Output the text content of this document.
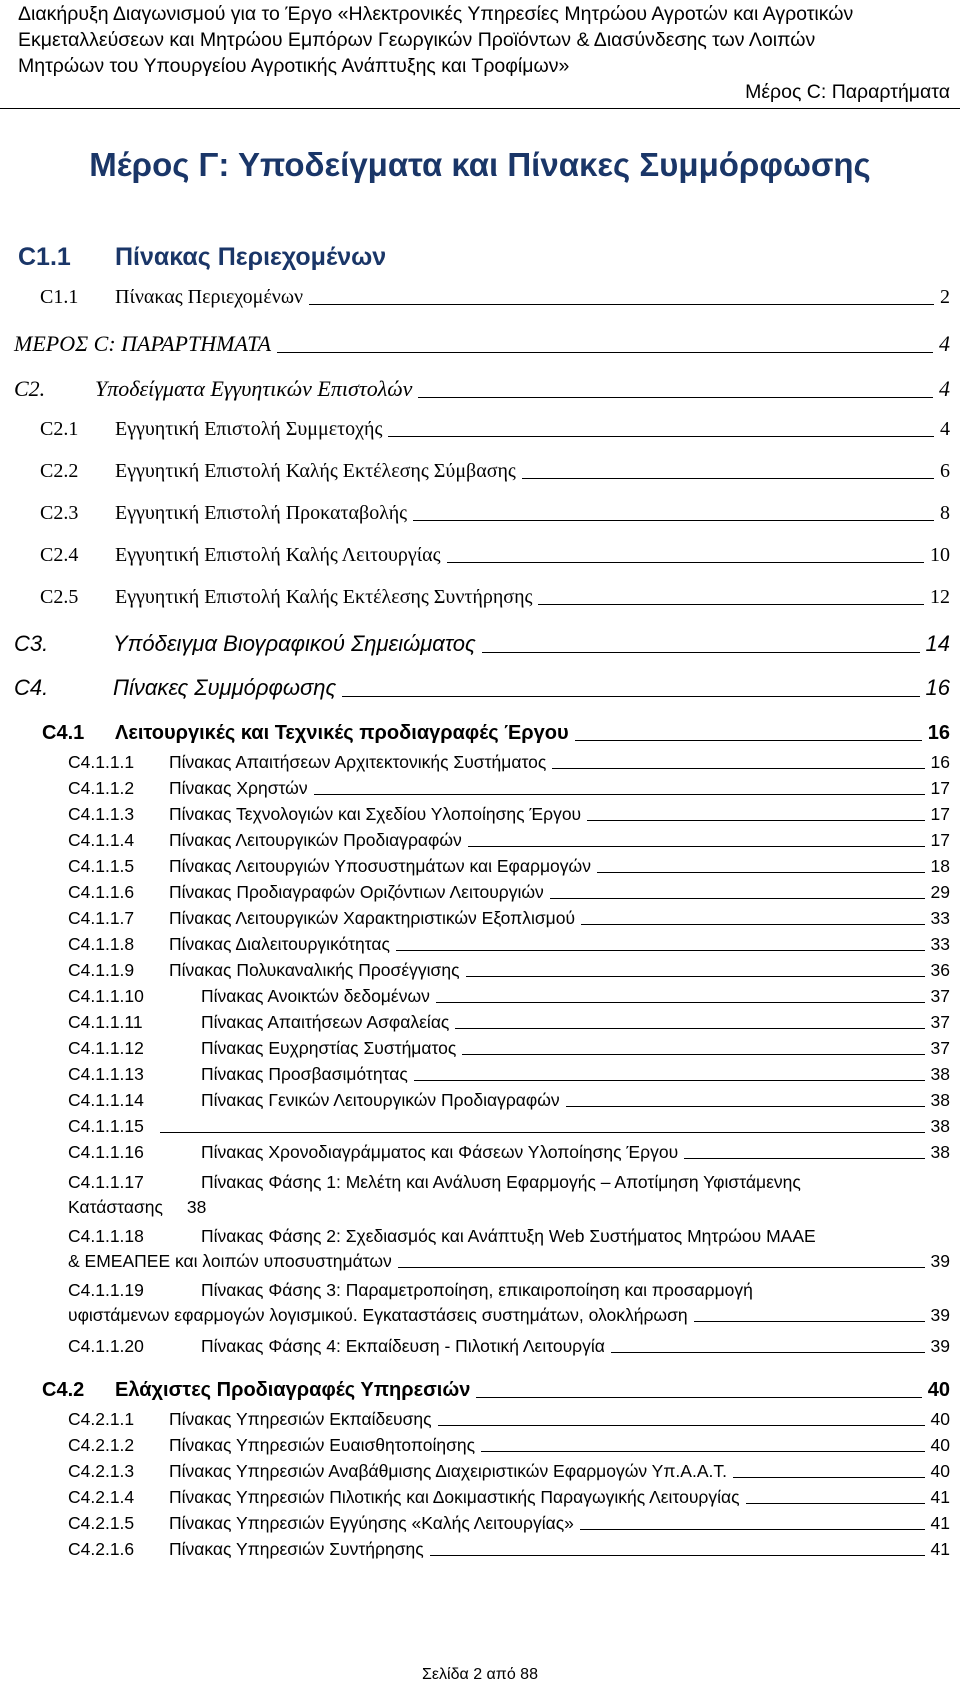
Διακήρυξη Διαγωνισμού για το Έργο «Ηλεκτρονικές Υπηρεσίες Μητρώου Αγροτών και Αγροτικών
Εκμεταλλεύσεων και Μητρώου Εμπόρων Γεωργικών Προϊόντων & Διασύνδεσης των Λοιπών
Μητρώων του Υπουργείου Αγροτικής Ανάπτυξης και Τροφίμων»
Μέρος C: Παραρτήματα
Μέρος Γ: Υποδείγματα και Πίνακες Συμμόρφωσης
C1.1 Πίνακας Περιεχομένων
C1.1	Πίνακας Περιεχομένων	2
ΜΕΡΟΣ C: ΠΑΡΑΡΤΗΜΑΤΑ	4
C2.	Υποδείγματα Εγγυητικών Επιστολών	4
C2.1	Εγγυητική Επιστολή Συμμετοχής	4
C2.2	Εγγυητική Επιστολή Καλής Εκτέλεσης Σύμβασης	6
C2.3	Εγγυητική Επιστολή Προκαταβολής	8
C2.4	Εγγυητική Επιστολή Καλής Λειτουργίας	10
C2.5	Εγγυητική Επιστολή Καλής Εκτέλεσης Συντήρησης	12
C3.	Υπόδειγμα Βιογραφικού Σημειώματος	14
C4.	Πίνακες Συμμόρφωσης	16
C4.1	Λειτουργικές και Τεχνικές προδιαγραφές Έργου	16
C4.1.1.1	Πίνακας Απαιτήσεων Αρχιτεκτονικής Συστήματος	16
C4.1.1.2	Πίνακας Χρηστών	17
C4.1.1.3	Πίνακας Τεχνολογιών και Σχεδίου Υλοποίησης Έργου	17
C4.1.1.4	Πίνακας Λειτουργικών Προδιαγραφών	17
C4.1.1.5	Πίνακας Λειτουργιών Υποσυστημάτων και Εφαρμογών	18
C4.1.1.6	Πίνακας Προδιαγραφών Οριζόντιων Λειτουργιών	29
C4.1.1.7	Πίνακας Λειτουργικών Χαρακτηριστικών Εξοπλισμού	33
C4.1.1.8	Πίνακας Διαλειτουργικότητας	33
C4.1.1.9	Πίνακας Πολυκαναλικής Προσέγγισης	36
C4.1.1.10	Πίνακας Ανοικτών δεδομένων	37
C4.1.1.11	Πίνακας Απαιτήσεων Ασφαλείας	37
C4.1.1.12	Πίνακας Ευχρηστίας Συστήματος	37
C4.1.1.13	Πίνακας Προσβασιμότητας	38
C4.1.1.14	Πίνακας Γενικών Λειτουργικών Προδιαγραφών	38
C4.1.1.15	38
C4.1.1.16	Πίνακας Χρονοδιαγράμματος και Φάσεων Υλοποίησης Έργου	38
C4.1.1.17	Πίνακας Φάσης 1: Μελέτη και Ανάλυση Εφαρμογής – Αποτίμηση Υφιστάμενης
Κατάστασης 38
C4.1.1.18	Πίνακας Φάσης 2: Σχεδιασμός και Ανάπτυξη Web Συστήματος Μητρώου ΜΑΑΕ
& ΕΜΕΑΠΕΕ και λοιπών υποσυστημάτων	39
C4.1.1.19	Πίνακας Φάσης 3: Παραμετροποίηση, επικαιροποίηση και προσαρμογή
υφιστάμενων εφαρμογών λογισμικού. Εγκαταστάσεις συστημάτων, ολοκλήρωση	39
C4.1.1.20	Πίνακας Φάσης 4: Εκπαίδευση - Πιλοτική Λειτουργία	39
C4.2	Ελάχιστες Προδιαγραφές Υπηρεσιών	40
C4.2.1.1	Πίνακας Υπηρεσιών Εκπαίδευσης	40
C4.2.1.2	Πίνακας Υπηρεσιών Ευαισθητοποίησης	40
C4.2.1.3	Πίνακας Υπηρεσιών Αναβάθμισης Διαχειριστικών Εφαρμογών Υπ.Α.Α.Τ.	40
C4.2.1.4	Πίνακας Υπηρεσιών Πιλοτικής και Δοκιμαστικής Παραγωγικής Λειτουργίας	41
C4.2.1.5	Πίνακας Υπηρεσιών Εγγύησης «Καλής Λειτουργίας»	41
C4.2.1.6	Πίνακας Υπηρεσιών Συντήρησης	41
Σελίδα 2 από 88
